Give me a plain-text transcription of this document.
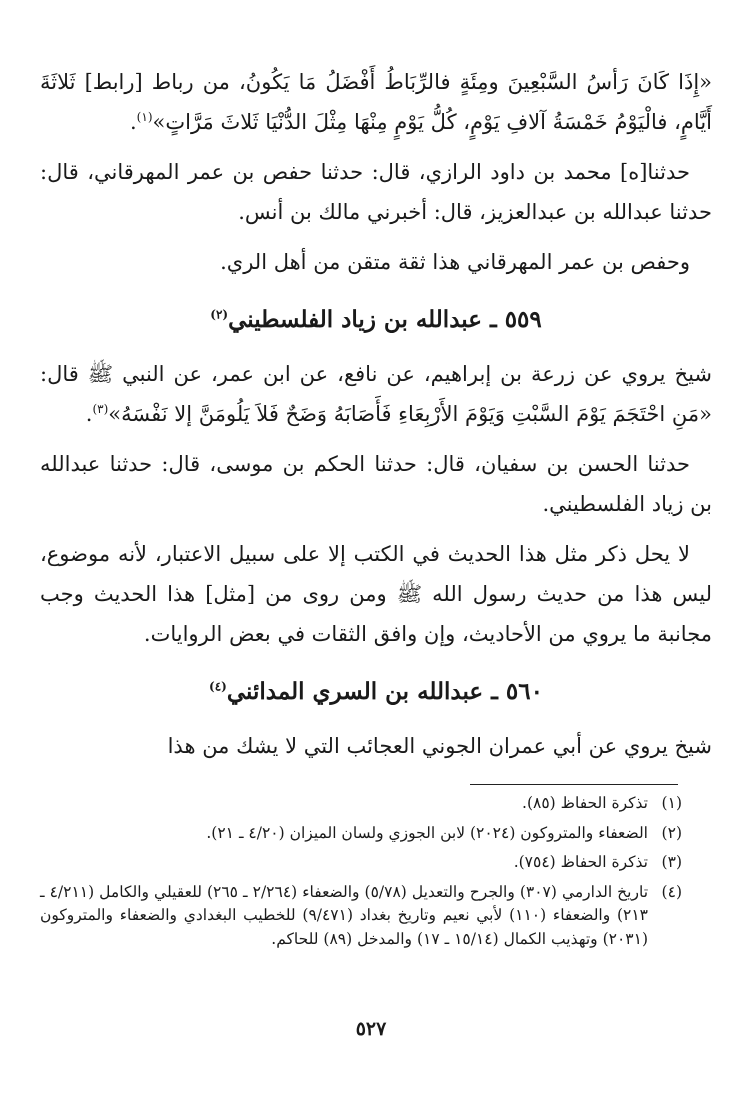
«إِذَا كَانَ رَأسُ السَّبْعِينَ ومِئَةٍ فالرِّبَاطُ أَفْضَلُ مَا يَكُونُ، من رباط [رابط] ثَلاثَةَ أَيَّامٍ، فالْيَوْمُ خَمْسَةُ آلافِ يَوْمٍ، كُلُّ يَوْمٍ مِنْهَا مِثْلَ الدُّنْيَا ثَلاثَ مَرَّاتٍ»$^{(١)}$.

حدثنا[ه] محمد بن داود الرازي، قال: حدثنا حفص بن عمر المهرقاني، قال: حدثنا عبدالله بن عبدالعزيز، قال: أخبرني مالك بن أنس.

وحفص بن عمر المهرقاني هذا ثقة متقن من أهل الري.

٥٥٩ ـ عبدالله بن زياد الفلسطيني$^{(٢)}$

شيخ يروي عن زرعة بن إبراهيم، عن نافع، عن ابن عمر، عن النبي ﷺ قال: «مَنِ احْتَجَمَ يَوْمَ السَّبْتِ وَيَوْمَ الأَرْبِعَاءِ فَأَصَابَهُ وَضَحٌ فَلاَ يَلُومَنَّ إلا نَفْسَهُ»$^{(٣)}$.

حدثنا الحسن بن سفيان، قال: حدثنا الحكم بن موسى، قال: حدثنا عبدالله بن زياد الفلسطيني.

لا يحل ذكر مثل هذا الحديث في الكتب إلا على سبيل الاعتبار، لأنه موضوع، ليس هذا من حديث رسول الله ﷺ ومن روى من [مثل] هذا الحديث وجب مجانبة ما يروي من الأحاديث، وإن وافق الثقات في بعض الروايات.

٥٦٠ ـ عبدالله بن السري المدائني$^{(٤)}$

شيخ يروي عن أبي عمران الجوني العجائب التي لا يشك من هذا

(١)
تذكرة الحفاظ (٨٥).
(٢)
الضعفاء والمتروكون (٢٠٢٤) لابن الجوزي ولسان الميزان (٤/٢٠ ـ ٢١).
(٣)
تذكرة الحفاظ (٧٥٤).
(٤)
تاريخ الدارمي (٣٠٧) والجرح والتعديل (٥/٧٨) والضعفاء (٢/٢٦٤ ـ ٢٦٥) للعقيلي والكامل (٤/٢١١ ـ ٢١٣) والضعفاء (١١٠) لأبي نعيم وتاريخ بغداد (٩/٤٧١) للخطيب البغدادي والضعفاء والمتروكون (٢٠٣١) وتهذيب الكمال (١٥/١٤ ـ ١٧) والمدخل (٨٩) للحاكم.
٥٢٧
